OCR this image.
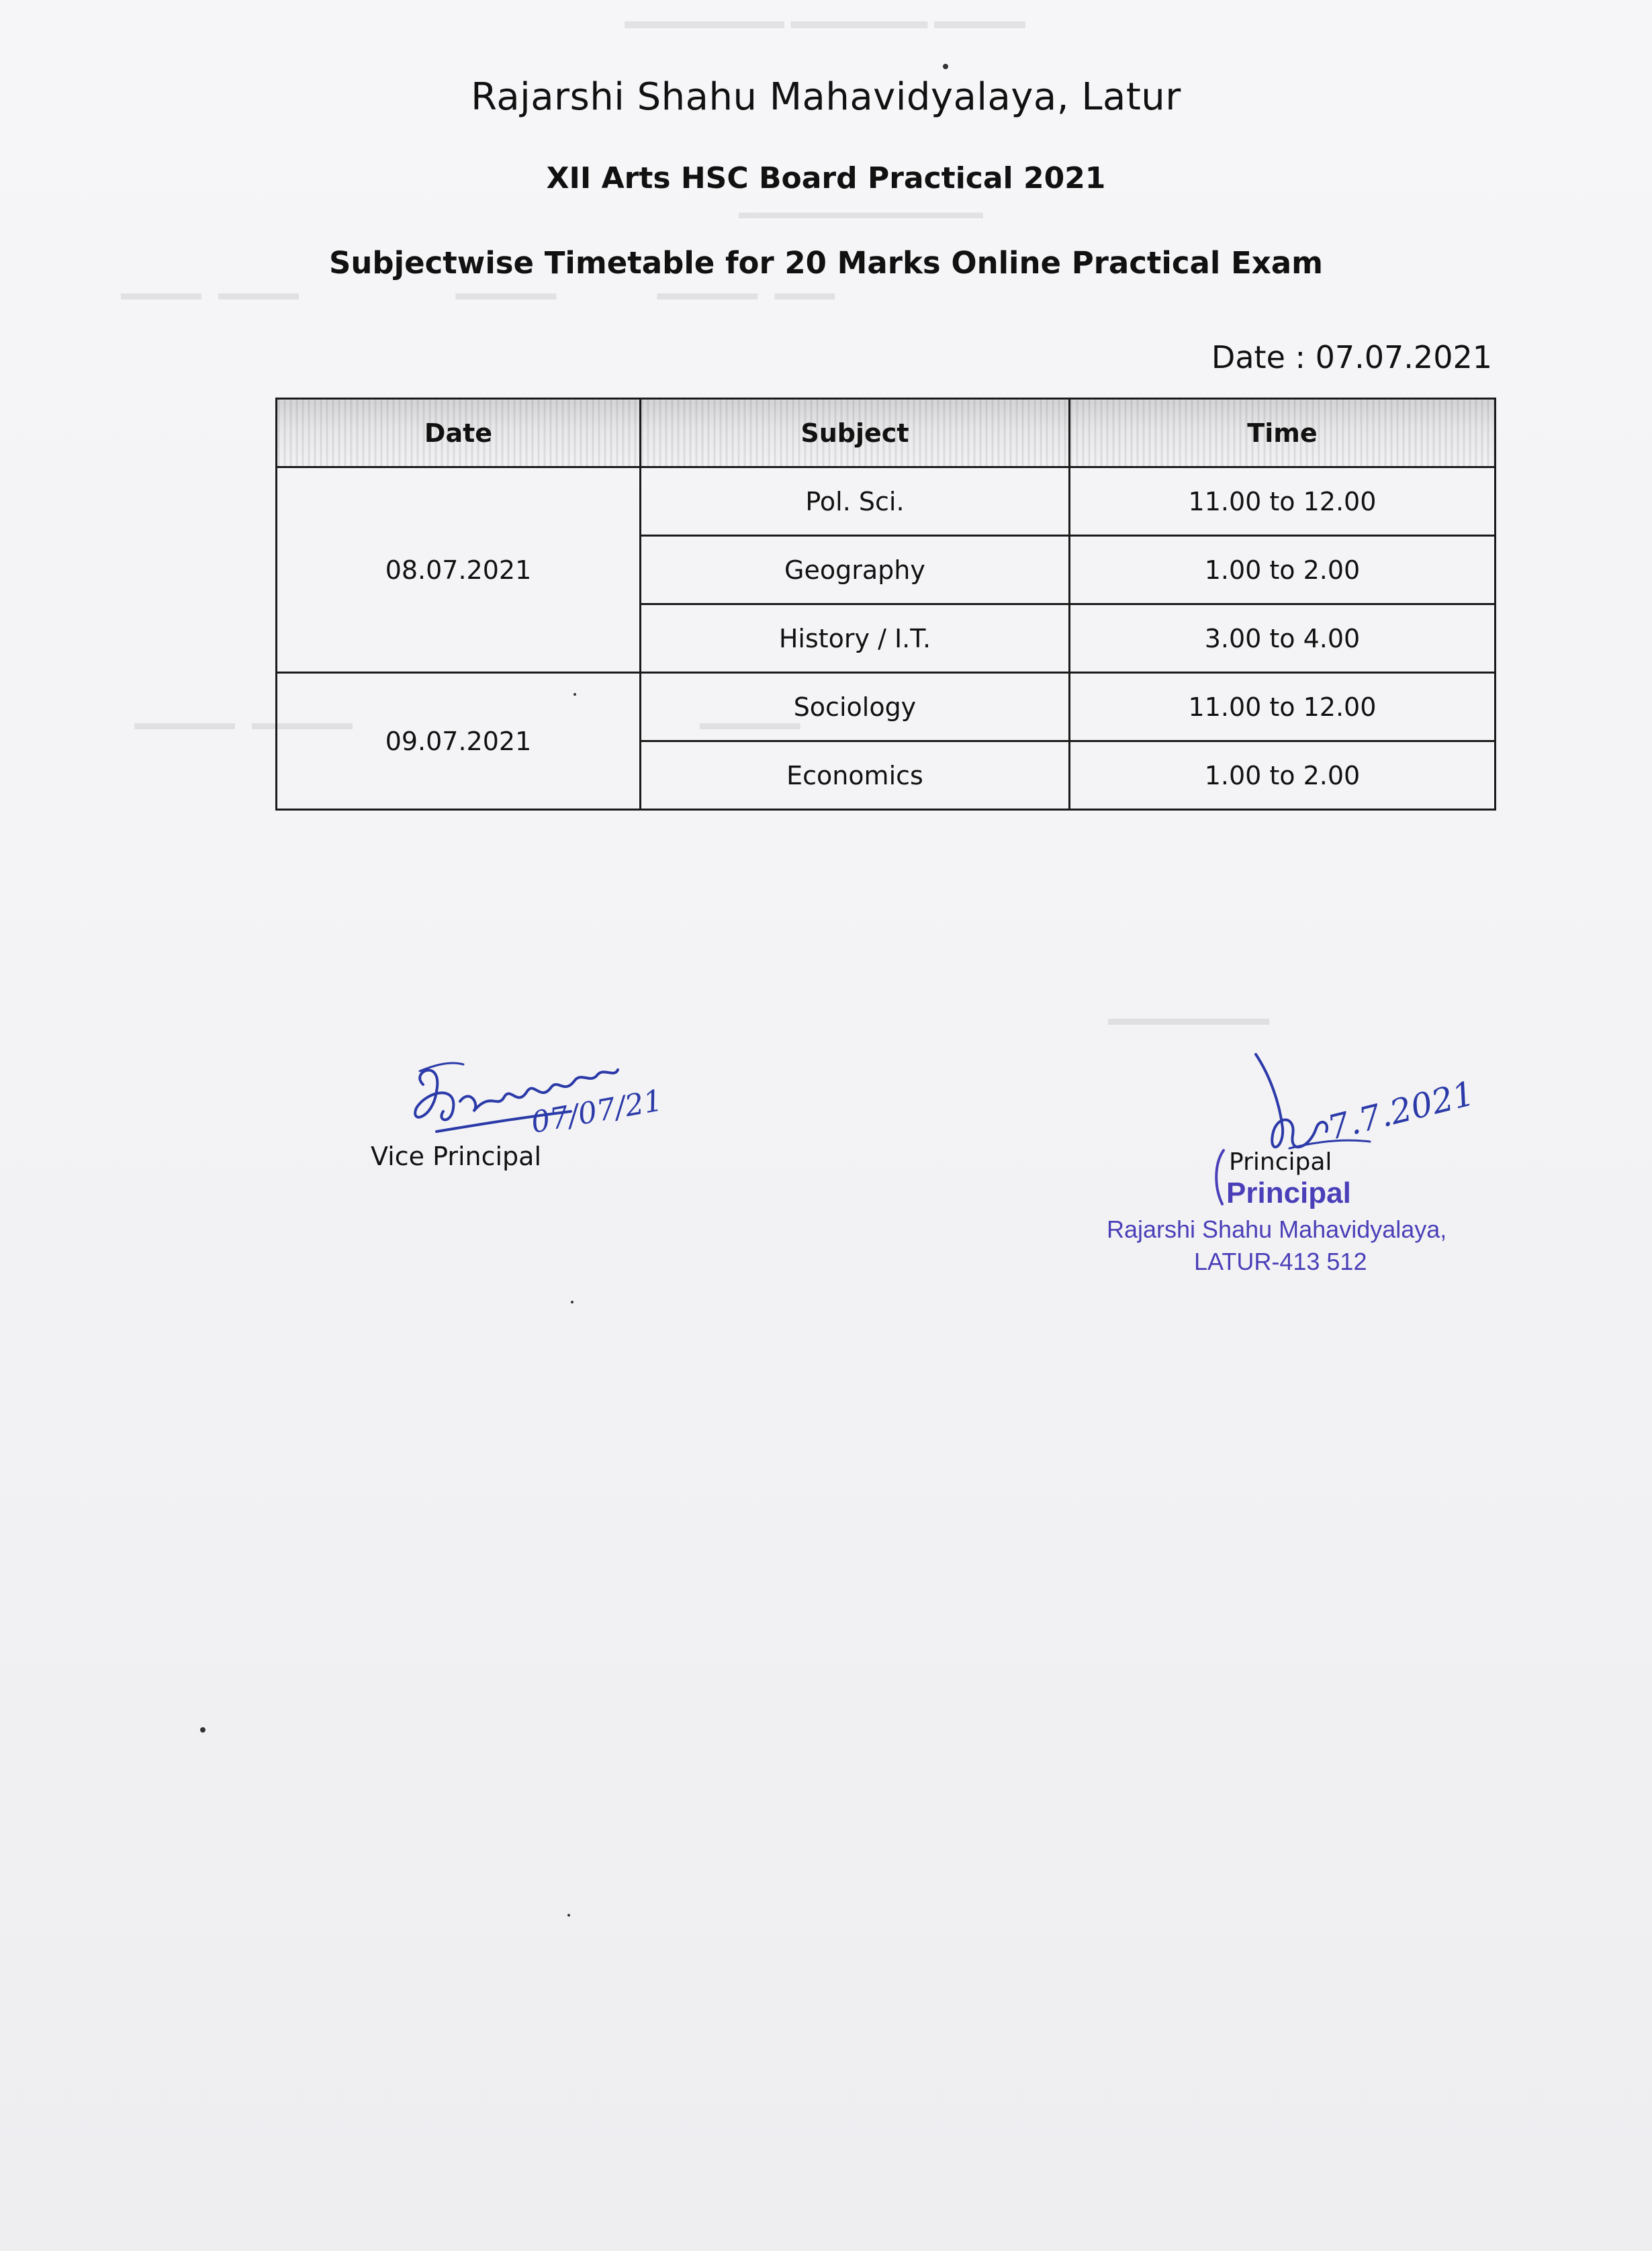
▬▬▬▬ ▬▬▬▬▬▬ ▬▬▬▬▬▬▬
▬▬▬▬▬▬▬▬▬▬▬▬▬
▬▬▬   ▬▬▬▬▬                  ▬▬▬▬▬                            ▬▬▬▬   ▬▬▬▬
▬▬▬▬▬                                                              ▬▬▬▬▬   ▬▬▬▬▬
▬▬▬▬▬▬▬▬
Rajarshi Shahu Mahavidyalaya, Latur
XII Arts HSC Board Practical 2021
Subjectwise Timetable for 20 Marks Online Practical Exam
Date : 07.07.2021
Date	Subject	Time
08.07.2021	Pol. Sci.	11.00 to 12.00
	Geography	1.00 to 2.00
	History / I.T.	3.00 to 4.00
09.07.2021	Sociology	11.00 to 12.00
	Economics	1.00 to 2.00
07/07/21
Vice Principal
7.7.2021
Principal
Principal
Rajarshi Shahu Mahavidyalaya,
LATUR-413 512
